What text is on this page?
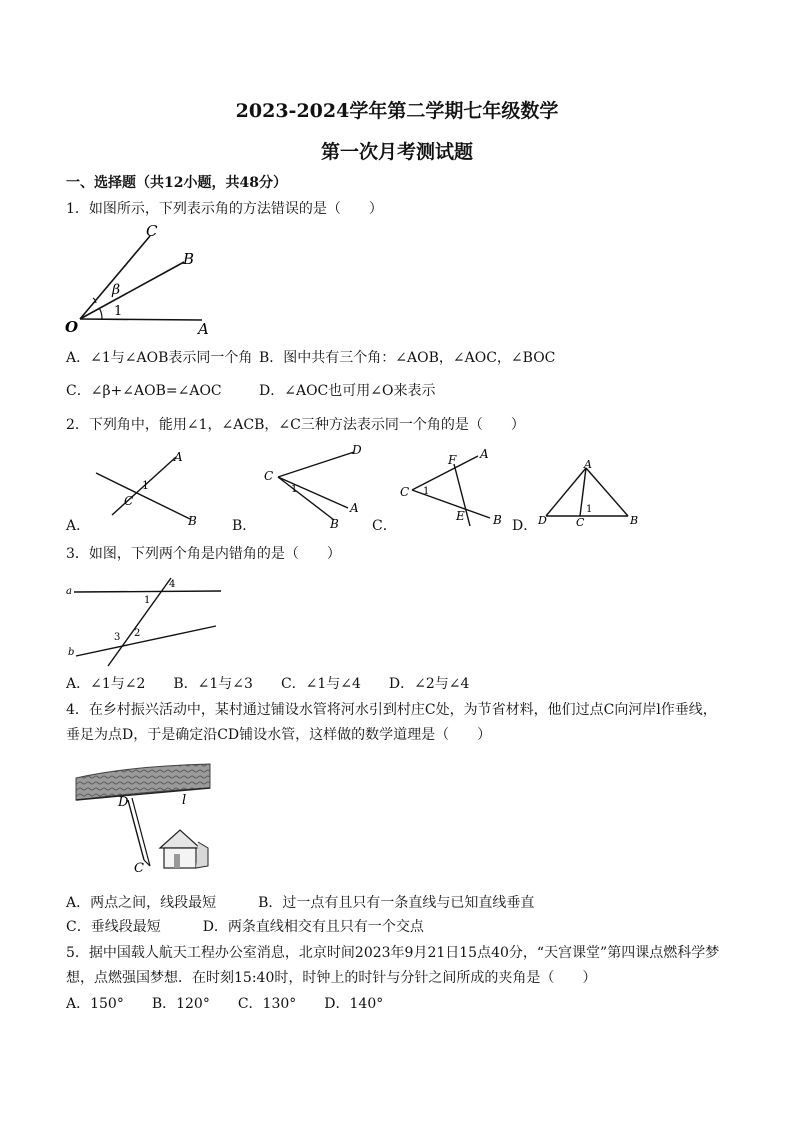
2023-2024学年第二学期七年级数学
第一次月考测试题
一、选择题（共12小题，共48分）
1．如图所示，下列表示角的方法错误的是（　　）
C
B
β
1
O	A
A．∠1与∠AOB表示同一个角 B．图中共有三个角：∠AOB，∠AOC，∠BOC
C．∠β+∠AOB=∠AOC	D．∠AOC也可用∠O来表示
2．下列角中，能用∠1，∠ACB，∠C三种方法表示同一个角的是（　　）
A
1
C
B
D
C
1
A
B
F A
C 1
E B
A
D
1
C	B
A．	B．	C．	D．
3．如图，下列两个角是内错角的是（　　）
a
b
4
1
3 2
A．∠1与∠2　　B．∠1与∠3　　C．∠1与∠4　　D．∠2与∠4
4．在乡村振兴活动中，某村通过铺设水管将河水引到村庄C处，为节省材料，他们过点C向河岸l作垂线，
垂足为点D，于是确定沿CD铺设水管，这样做的数学道理是（　　）
D	l
C
A．两点之间，线段最短　　　B．过一点有且只有一条直线与已知直线垂直
C．垂线段最短　　　D．两条直线相交有且只有一个交点
5．据中国载人航天工程办公室消息，北京时间2023年9月21日15点40分，“天宫课堂”第四课点燃科学梦
想，点燃强国梦想．在时刻15:40时，时钟上的时针与分针之间所成的夹角是（　　）
A．150°　　B．120°　　C．130°　　D．140°
